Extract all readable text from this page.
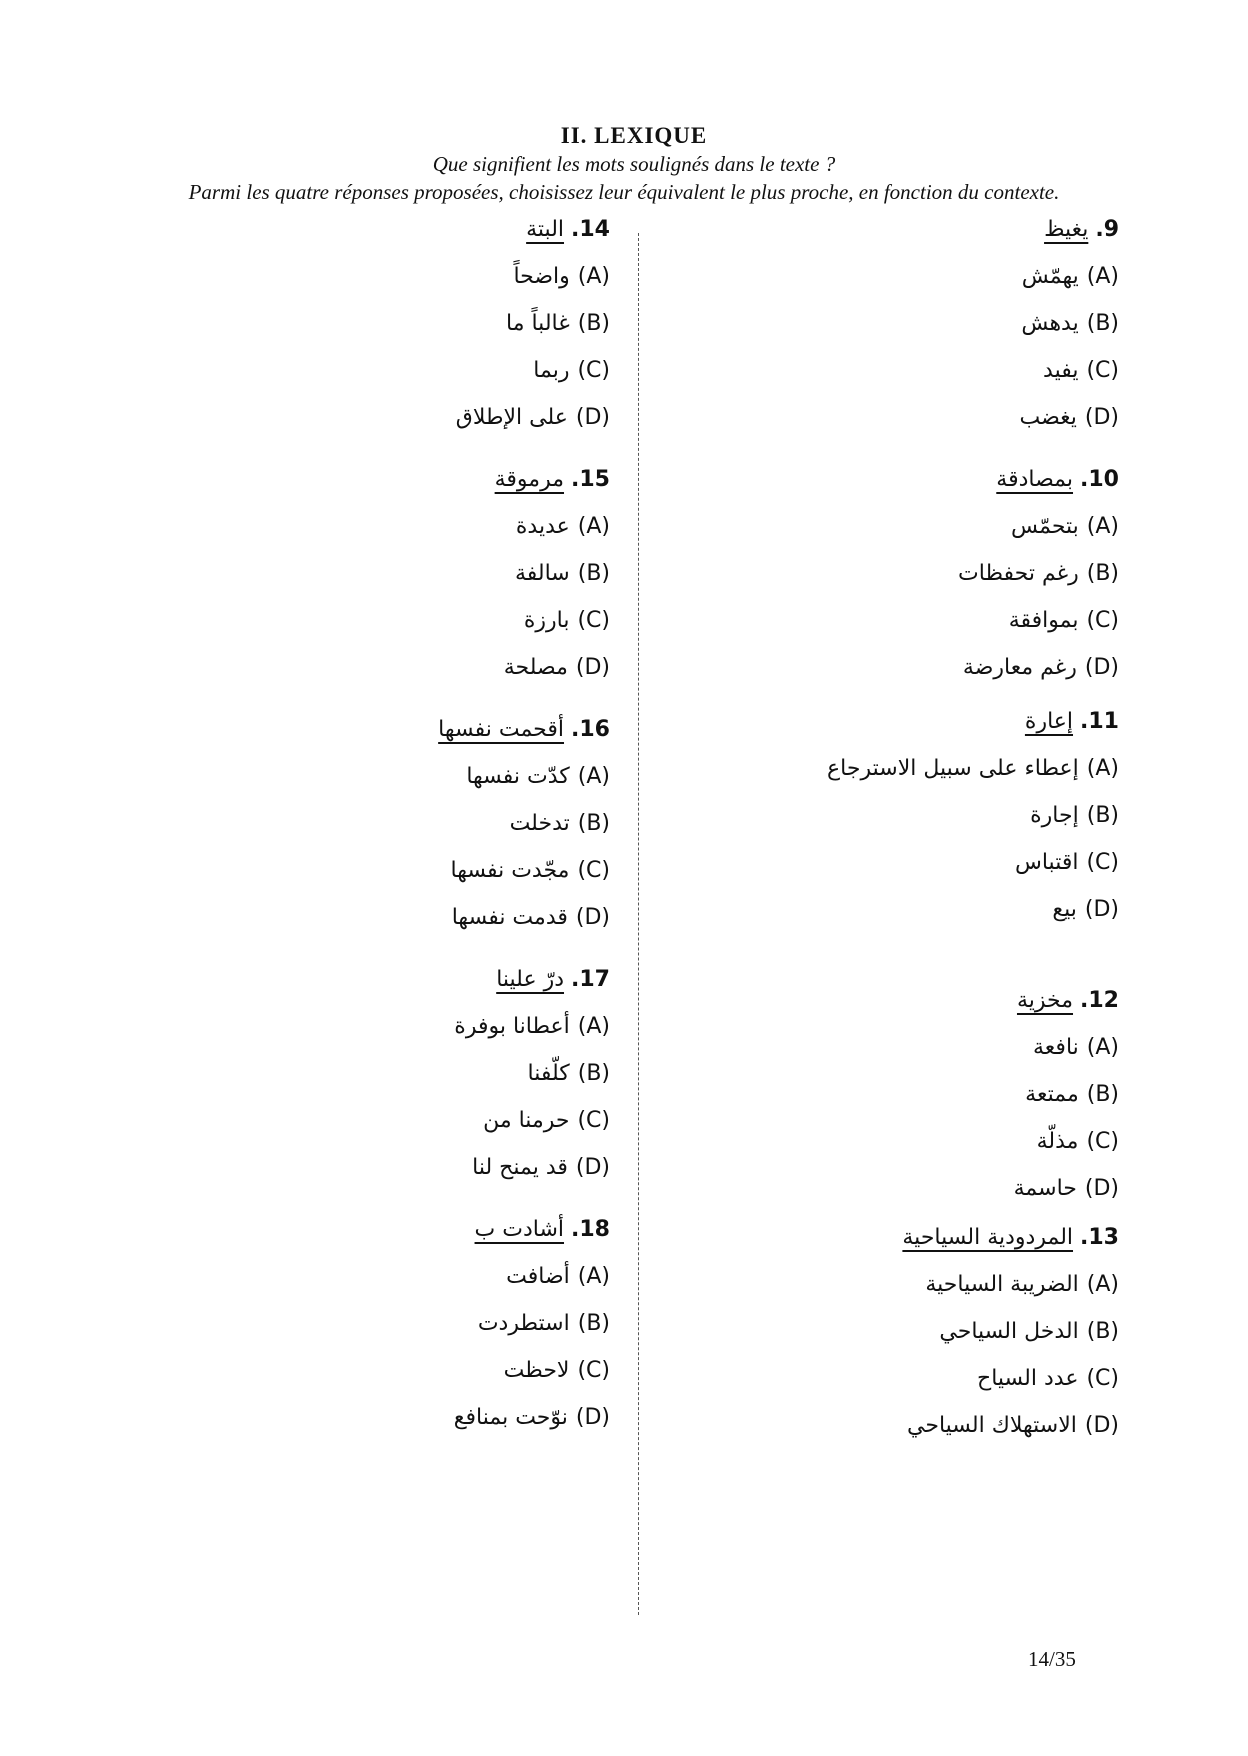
II. LEXIQUE
Que signifient les mots soulignés dans le texte ?
Parmi les quatre réponses proposées, choisissez leur équivalent le plus proche, en fonction du contexte.
9. يغيظ
(A)يهمّش
(B)يدهش
(C)يفيد
(D)يغضب
10. بمصادقة
(A)بتحمّس
(B)رغم تحفظات
(C)بموافقة
(D)رغم معارضة
11. إعارة
(A)إعطاء على سبيل الاسترجاع
(B)إجارة
(C)اقتباس
(D)بيع
12. مخزية
(A)نافعة
(B)ممتعة
(C)مذلّة
(D)حاسمة
13. المردودية السياحية
(A)الضريبة السياحية
(B)الدخل السياحي
(C)عدد السياح
(D)الاستهلاك السياحي
14. البتة
(A)واضحاً
(B)غالباً ما
(C)ربما
(D)على الإطلاق
15. مرموقة
(A)عديدة
(B)سالفة
(C)بارزة
(D)مصلحة
16. أقحمت نفسها
(A)كدّت نفسها
(B)تدخلت
(C)مجّدت نفسها
(D)قدمت نفسها
17. درّ علينا
(A)أعطانا بوفرة
(B)كلّفنا
(C)حرمنا من
(D)قد يمنح لنا
18. أشادت ب
(A)أضافت
(B)استطردت
(C)لاحظت
(D)نوّحت بمنافع
14/35
